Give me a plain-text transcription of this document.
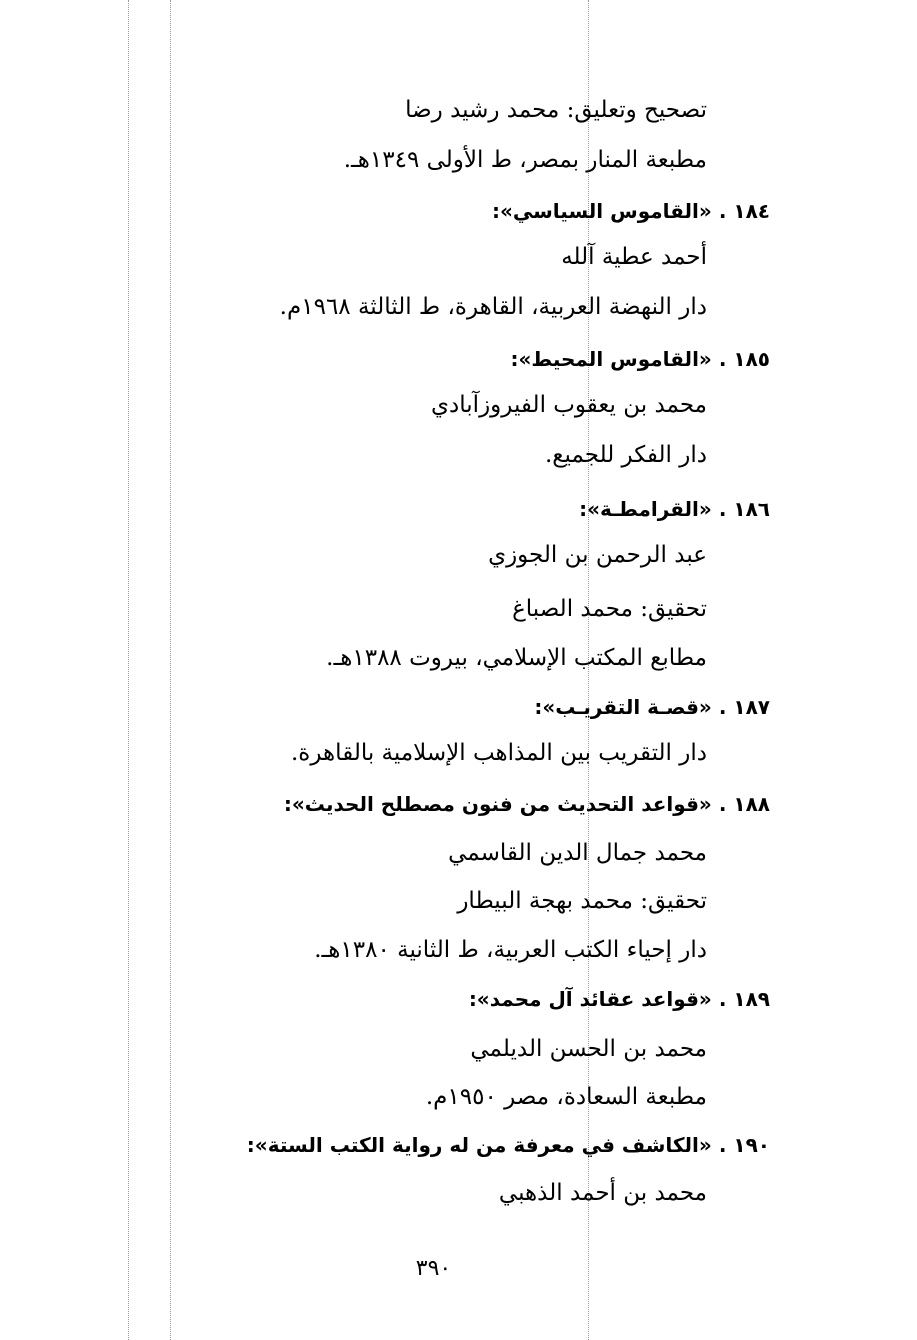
تصحيح وتعليق: محمد رشيد رضا
مطبعة المنار بمصر، ط الأولى ١٣٤٩هـ.
١٨٤ . «القاموس السياسي»:
أحمد عطية آلله
دار النهضة العربية، القاهرة، ط الثالثة ١٩٦٨م.
١٨٥ . «القاموس المحيط»:
محمد بن يعقوب الفيروزآبادي
دار الفكر للجميع.
١٨٦ . «القرامطـة»:
عبد الرحمن بن الجوزي
تحقيق: محمد الصباغ
مطابع المكتب الإسلامي، بيروت ١٣٨٨هـ.
١٨٧ . «قصـة التقريـب»:
دار التقريب بين المذاهب الإسلامية بالقاهرة.
١٨٨ . «قواعد التحديث من فنون مصطلح الحديث»:
محمد جمال الدين القاسمي
تحقيق: محمد بهجة البيطار
دار إحياء الكتب العربية، ط الثانية ١٣٨٠هـ.
١٨٩ . «قواعد عقائد آل محمد»:
محمد بن الحسن الديلمي
مطبعة السعادة، مصر ١٩٥٠م.
١٩٠ . «الكاشف في معرفة من له رواية الكتب الستة»:
محمد بن أحمد الذهبي
٣٩٠
